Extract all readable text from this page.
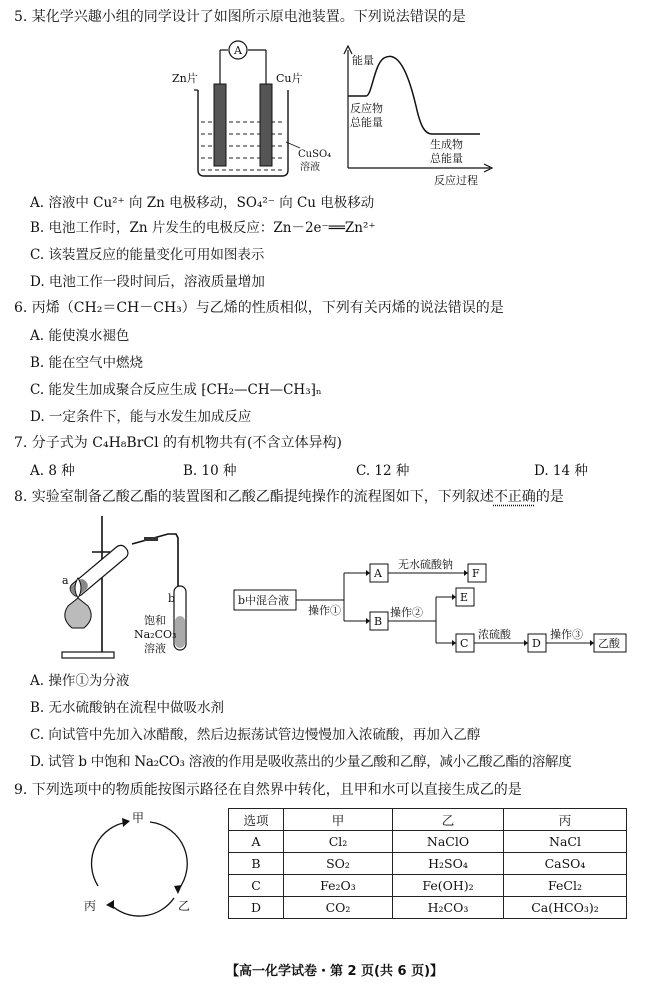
5. 某化学兴趣小组的同学设计了如图所示原电池装置。下列说法错误的是
A
Zn片	Cu片
CuSO₄
溶液
能量
反应物
总能量
生成物
总能量
反应过程
A. 溶液中 Cu²⁺ 向 Zn 电极移动，SO₄²⁻ 向 Cu 电极移动
B. 电池工作时，Zn 片发生的电极反应：Zn－2e⁻══Zn²⁺
C. 该装置反应的能量变化可用如图表示
D. 电池工作一段时间后，溶液质量增加
6. 丙烯（CH₂＝CH－CH₃）与乙烯的性质相似，下列有关丙烯的说法错误的是
A. 能使溴水褪色
B. 能在空气中燃烧
C. 能发生加成聚合反应生成 ⁅CH₂—CH—CH₃⁆ₙ
D. 一定条件下，能与水发生加成反应
7. 分子式为 C₄H₈BrCl 的有机物共有(不含立体异构)
A. 8 种	B. 10 种	C. 12 种	D. 14 种
8. 实验室制备乙酸乙酯的装置图和乙酸乙酯提纯操作的流程图如下，下列叙述不正确的是
a
b
饱和
Na₂CO₃
溶液
b中混合液
操作①
A
B
F
E
C	D	乙酸
无水硫酸钠
操作②
浓硫酸	操作③
A. 操作①为分液
B. 无水硫酸钠在流程中做吸水剂
C. 向试管中先加入冰醋酸，然后边振荡试管边慢慢加入浓硫酸，再加入乙醇
D. 试管 b 中饱和 Na₂CO₃ 溶液的作用是吸收蒸出的少量乙酸和乙醇，减小乙酸乙酯的溶解度
9. 下列选项中的物质能按图示路径在自然界中转化，且甲和水可以直接生成乙的是
甲
乙
丙
选项	甲	乙	丙
A	Cl₂	NaClO	NaCl
B	SO₂	H₂SO₄	CaSO₄
C	Fe₂O₃	Fe(OH)₂	FeCl₂
D	CO₂	H₂CO₃	Ca(HCO₃)₂
【高一化学试卷・第 2 页(共 6 页)】
